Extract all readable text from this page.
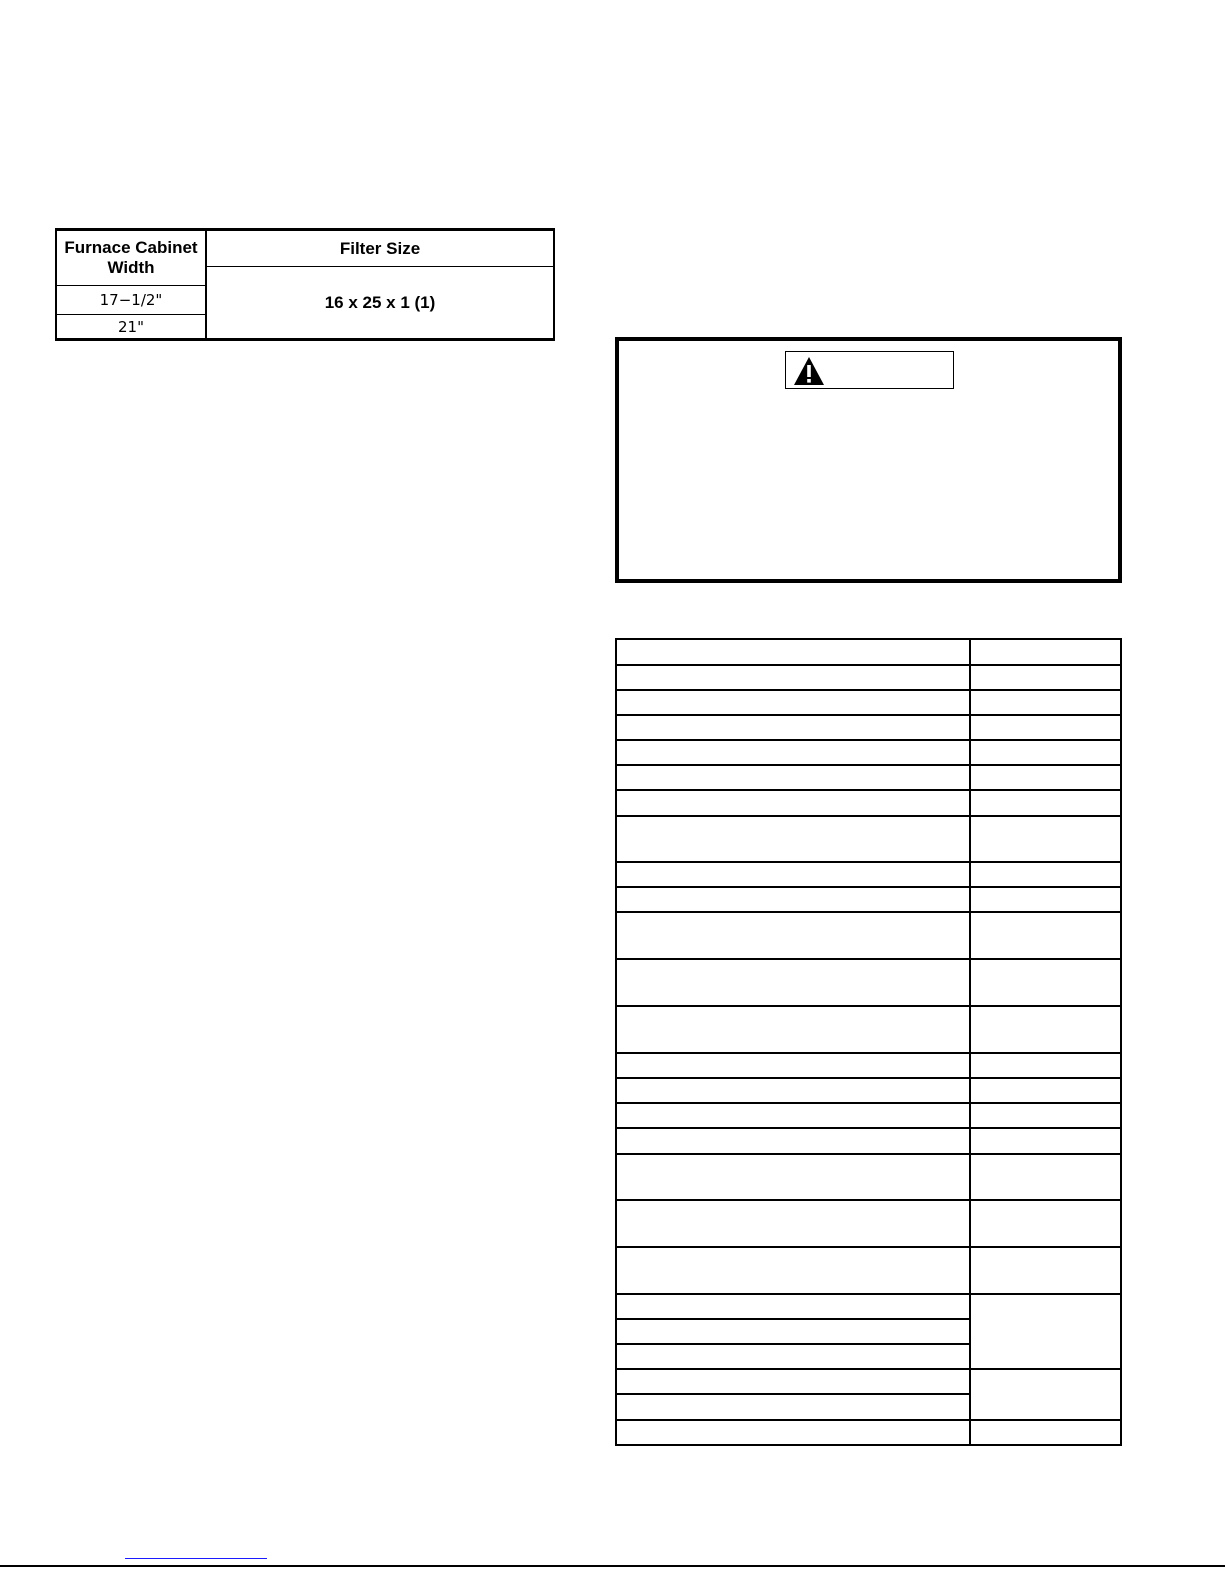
Furnace Cabinet Width
17−1/2"
21"
Filter Size
16 x 25 x 1 (1)
